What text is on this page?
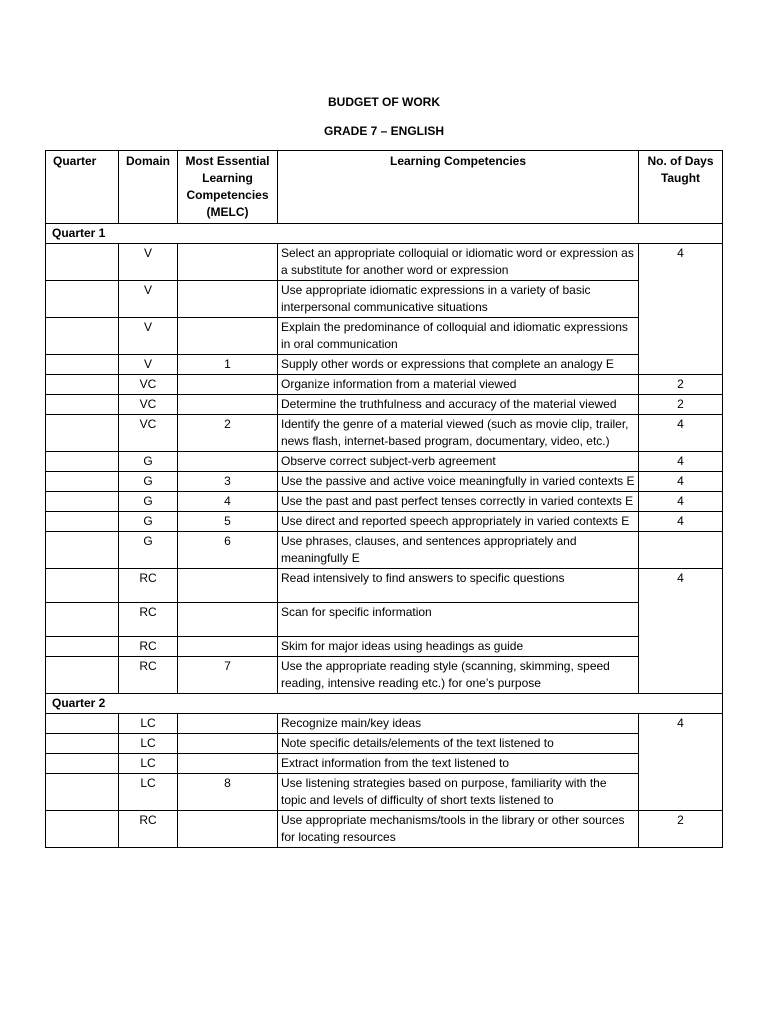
BUDGET OF WORK
GRADE 7 – ENGLISH
Quarter	Domain	Most Essential Learning Competencies (MELC)	Learning Competencies	No. of Days Taught
Quarter 1				
	V		Select an appropriate colloquial or idiomatic word or expression as a substitute for another word or expression	4
	V		Use appropriate idiomatic expressions in a variety of basic interpersonal communicative situations	
	V		Explain the predominance of colloquial and idiomatic expressions in oral communication	
	V	1	Supply other words or expressions that complete an analogy E	
	VC		Organize information from a material viewed	2
	VC		Determine the truthfulness and accuracy of the material viewed	2
	VC	2	Identify the genre of a material viewed (such as movie clip, trailer, news flash, internet-based program, documentary, video, etc.)	4
	G		Observe correct subject-verb agreement	4
	G	3	Use the passive and active voice meaningfully in varied contexts E	4
	G	4	Use the past and past perfect tenses correctly in varied contexts E	4
	G	5	Use direct and reported speech appropriately in varied contexts E	4
	G	6	Use phrases, clauses, and sentences appropriately and meaningfully E	
	RC		Read intensively to find answers to specific questions	4
	RC		Scan for specific information	
	RC		Skim for major ideas using headings as guide	
	RC	7	Use the appropriate reading style (scanning, skimming, speed reading, intensive reading etc.) for one’s purpose	
Quarter 2				
	LC		Recognize main/key ideas	4
	LC		Note specific details/elements of the text listened to	
	LC		Extract information from the text listened to	
	LC	8	Use listening strategies based on purpose, familiarity with the topic and levels of difficulty of short texts listened to	
	RC		Use appropriate mechanisms/tools in the library or other sources for locating resources	2
